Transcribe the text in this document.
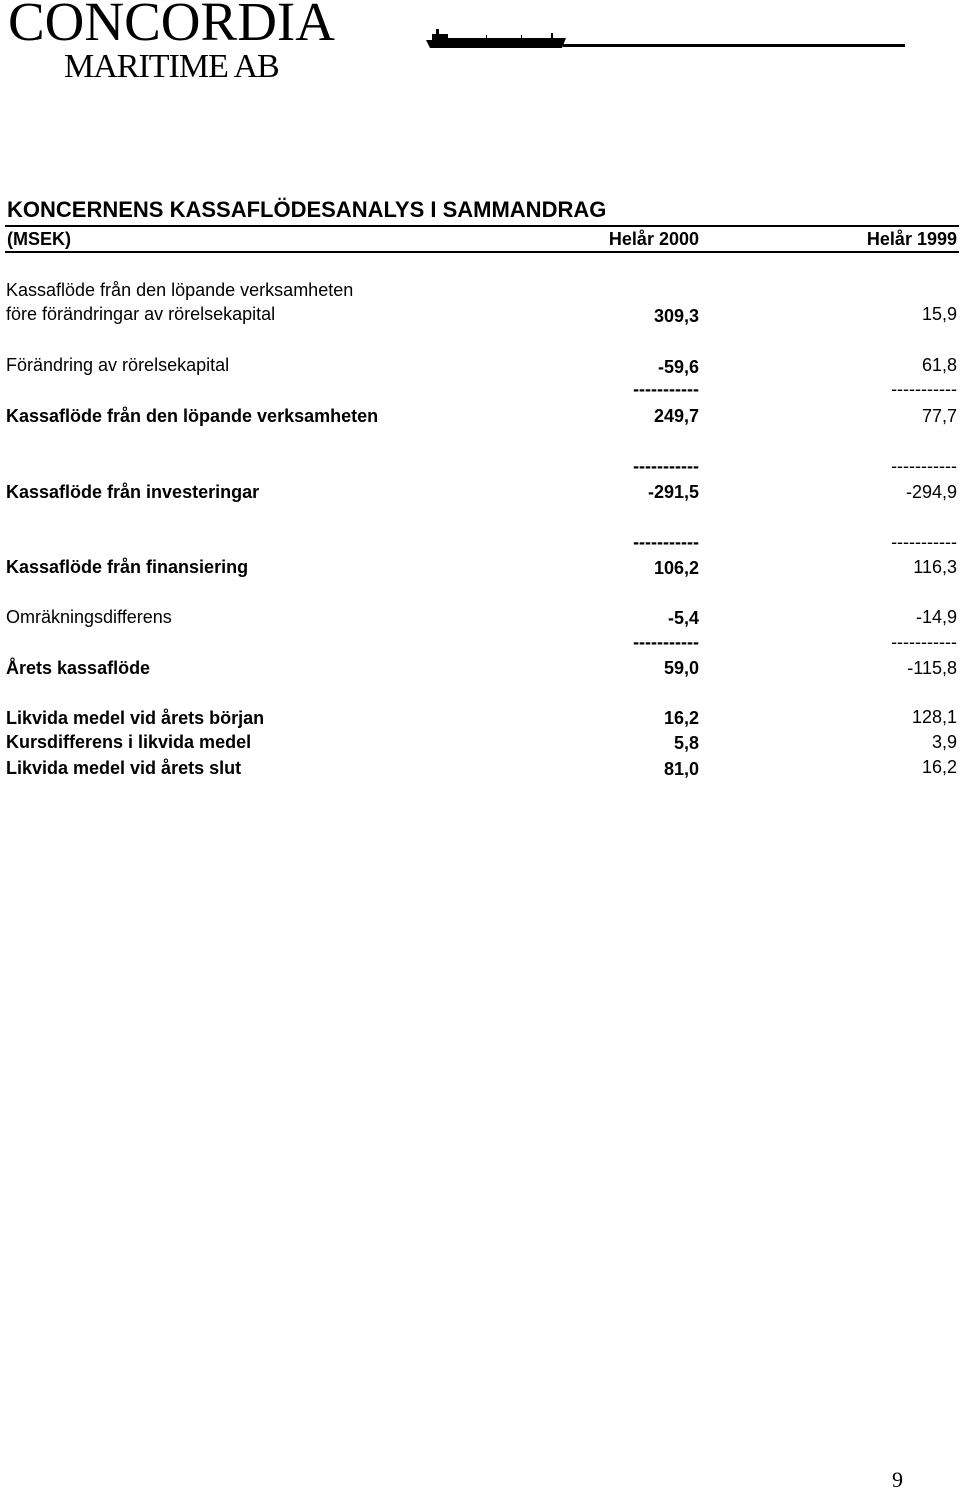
CONCORDIA
MARITIME AB
KONCERNENS KASSAFLÖDESANALYS I SAMMANDRAG
(MSEK)	Helår 2000	Helår 1999
Kassaflöde från den löpande verksamheten
före förändringar av rörelsekapital	309,3	15,9
Förändring av rörelsekapital	-59,6	61,8
-----------	-----------
Kassaflöde från den löpande verksamheten	249,7	77,7
-----------	-----------
Kassaflöde från investeringar	-291,5	-294,9
-----------	-----------
Kassaflöde från finansiering	106,2	116,3
Omräkningsdifferens	-5,4	-14,9
-----------	-----------
Årets kassaflöde	59,0	-115,8
Likvida medel vid årets början	16,2	128,1
Kursdifferens i likvida medel	5,8	3,9
Likvida medel vid årets slut	81,0	16,2
9
